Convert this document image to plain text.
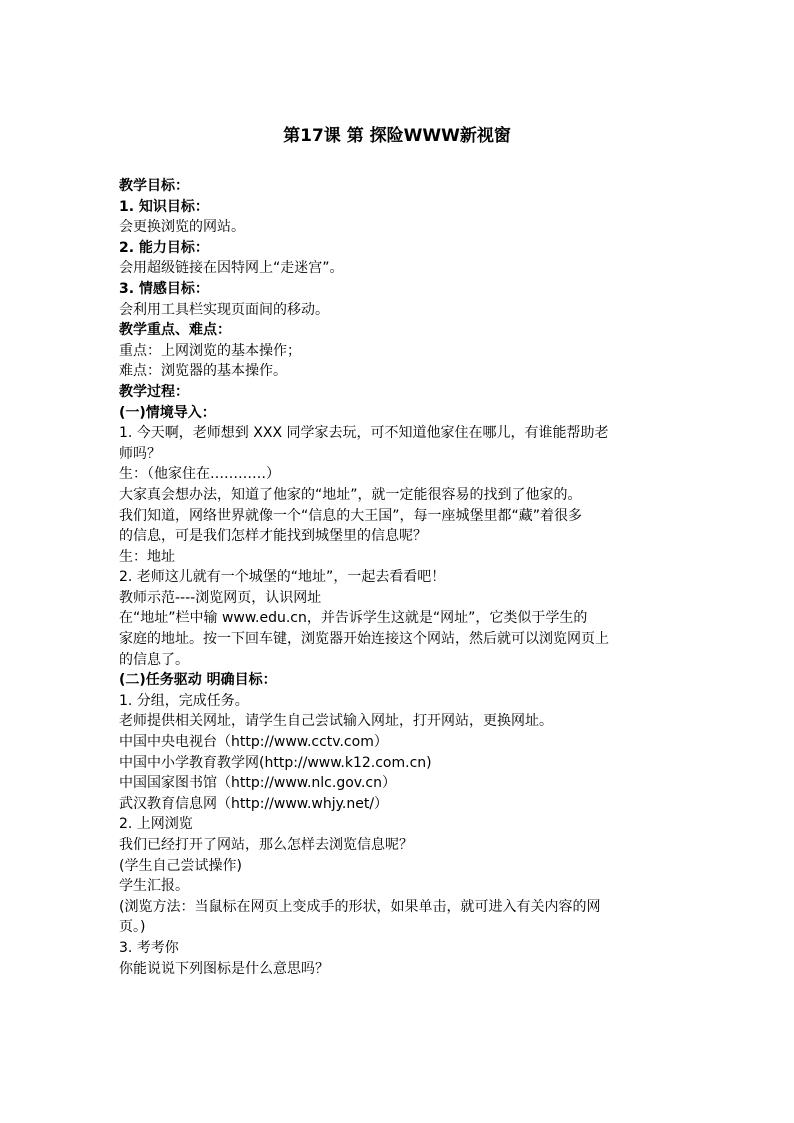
第17课 第 探险WWW新视窗
教学目标：
1. 知识目标：
会更换浏览的网站。
2. 能力目标：
会用超级链接在因特网上“走迷宫”。
3. 情感目标：
会利用工具栏实现页面间的移动。
教学重点、难点：
重点：上网浏览的基本操作；
难点：浏览器的基本操作。
教学过程：
(一)情境导入：
1. 今天啊，老师想到 XXX 同学家去玩，可不知道他家住在哪儿，有谁能帮助老
师吗？
生：（他家住在…………）
大家真会想办法，知道了他家的“地址”，就一定能很容易的找到了他家的。
我们知道，网络世界就像一个“信息的大王国”，每一座城堡里都“藏”着很多
的信息，可是我们怎样才能找到城堡里的信息呢？
生：地址
2. 老师这儿就有一个城堡的“地址”，一起去看看吧！
教师示范----浏览网页，认识网址
在“地址”栏中输 www.edu.cn，并告诉学生这就是“网址”，它类似于学生的
家庭的地址。按一下回车键，浏览器开始连接这个网站，然后就可以浏览网页上
的信息了。
(二)任务驱动 明确目标：
1. 分组，完成任务。
老师提供相关网址，请学生自己尝试输入网址，打开网站，更换网址。
中国中央电视台（http://www.cctv.com）
中国中小学教育教学网(http://www.k12.com.cn)
中国国家图书馆（http://www.nlc.gov.cn）
武汉教育信息网（http://www.whjy.net/）
2. 上网浏览
我们已经打开了网站，那么怎样去浏览信息呢？
(学生自己尝试操作)
学生汇报。
(浏览方法：当鼠标在网页上变成手的形状，如果单击，就可进入有关内容的网
页。)
3. 考考你
你能说说下列图标是什么意思吗？
